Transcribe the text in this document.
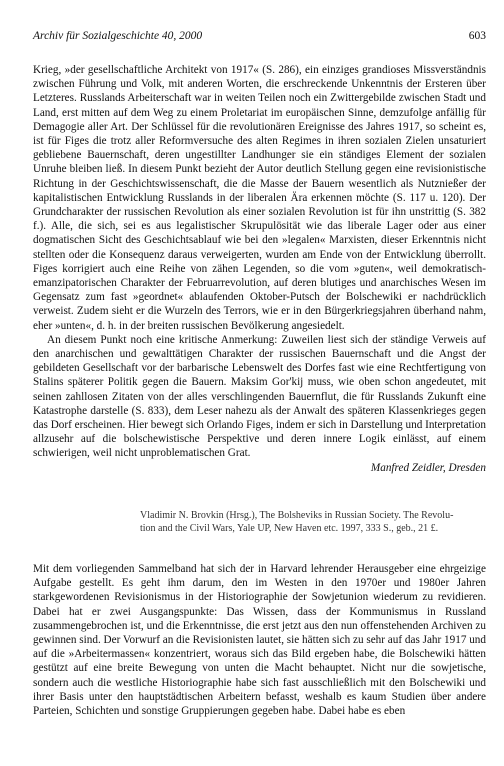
Archiv für Sozialgeschichte 40, 2000	603

Krieg, »der gesellschaftliche Architekt von 1917« (S. 286), ein einziges grandioses Missverständnis zwischen Führung und Volk, mit anderen Worten, die erschreckende Unkenntnis der Ersteren über Letzteres. Russlands Arbeiterschaft war in weiten Teilen noch ein Zwittergebilde zwischen Stadt und Land, erst mitten auf dem Weg zu einem Proletariat im europäischen Sinne, demzufolge anfällig für Demagogie aller Art. Der Schlüssel für die revolutionären Ereignisse des Jahres 1917, so scheint es, ist für Figes die trotz aller Reformversuche des alten Regimes in ihren sozialen Zielen unsaturiert gebliebene Bauernschaft, deren ungestillter Landhunger sie ein ständiges Element der sozialen Unruhe bleiben ließ. In diesem Punkt bezieht der Autor deutlich Stellung gegen eine revisionistische Richtung in der Geschichtswissenschaft, die die Masse der Bauern wesentlich als Nutznießer der kapitalistischen Entwicklung Russlands in der liberalen Ära erkennen möchte (S. 117 u. 120). Der Grundcharakter der russischen Revolution als einer sozialen Revolution ist für ihn unstrittig (S. 382 f.). Alle, die sich, sei es aus legalistischer Skrupulösität wie das liberale Lager oder aus einer dogmatischen Sicht des Geschichtsablauf wie bei den »legalen« Marxisten, dieser Erkenntnis nicht stellten oder die Konsequenz daraus verweigerten, wurden am Ende von der Entwicklung überrollt. Figes korrigiert auch eine Reihe von zähen Legenden, so die vom »guten«, weil demokratisch-emanzipatorischen Charakter der Februarrevolution, auf deren blutiges und anarchisches Wesen im Gegensatz zum fast »geordnet« ablaufenden Oktober-Putsch der Bolschewiki er nachdrücklich verweist. Zudem sieht er die Wurzeln des Terrors, wie er in den Bürgerkriegsjahren überhand nahm, eher »unten«, d. h. in der breiten russischen Bevölkerung angesiedelt.

An diesem Punkt noch eine kritische Anmerkung: Zuweilen liest sich der ständige Verweis auf den anarchischen und gewalttätigen Charakter der russischen Bauernschaft und die Angst der gebildeten Gesellschaft vor der barbarische Lebenswelt des Dorfes fast wie eine Rechtfertigung von Stalins späterer Politik gegen die Bauern. Maksim Gor'kij muss, wie oben schon angedeutet, mit seinen zahllosen Zitaten von der alles verschlingenden Bauernflut, die für Russlands Zukunft eine Katastrophe darstelle (S. 833), dem Leser nahezu als der Anwalt des späteren Klassenkrieges gegen das Dorf erscheinen. Hier bewegt sich Orlando Figes, indem er sich in Darstellung und Interpretation allzusehr auf die bolschewistische Perspektive und deren innere Logik einlässt, auf einem schwierigen, weil nicht unproblematischen Grat.

Manfred Zeidler, Dresden
Vladimir N. Brovkin (Hrsg.), The Bolsheviks in Russian Society. The Revolu-
tion and the Civil Wars, Yale UP, New Haven etc. 1997, 333 S., geb., 21 £.

Mit dem vorliegenden Sammelband hat sich der in Harvard lehrender Herausgeber eine ehrgeizige Aufgabe gestellt. Es geht ihm darum, den im Westen in den 1970er und 1980er Jahren starkgewordenen Revisionismus in der Historiographie der Sowjetunion wiederum zu revidieren. Dabei hat er zwei Ausgangspunkte: Das Wissen, dass der Kommunismus in Russland zusammengebrochen ist, und die Erkenntnisse, die erst jetzt aus den nun offenstehenden Archiven zu gewinnen sind. Der Vorwurf an die Revisionisten lautet, sie hätten sich zu sehr auf das Jahr 1917 und auf die »Arbeitermassen« konzentriert, woraus sich das Bild ergeben habe, die Bolschewiki hätten gestützt auf eine breite Bewegung von unten die Macht behauptet. Nicht nur die sowjetische, sondern auch die westliche Historiographie habe sich fast ausschließlich mit den Bolschewiki und ihrer Basis unter den hauptstädtischen Arbeitern befasst, weshalb es kaum Studien über andere Parteien, Schichten und sonstige Gruppierungen gegeben habe. Dabei habe es eben
